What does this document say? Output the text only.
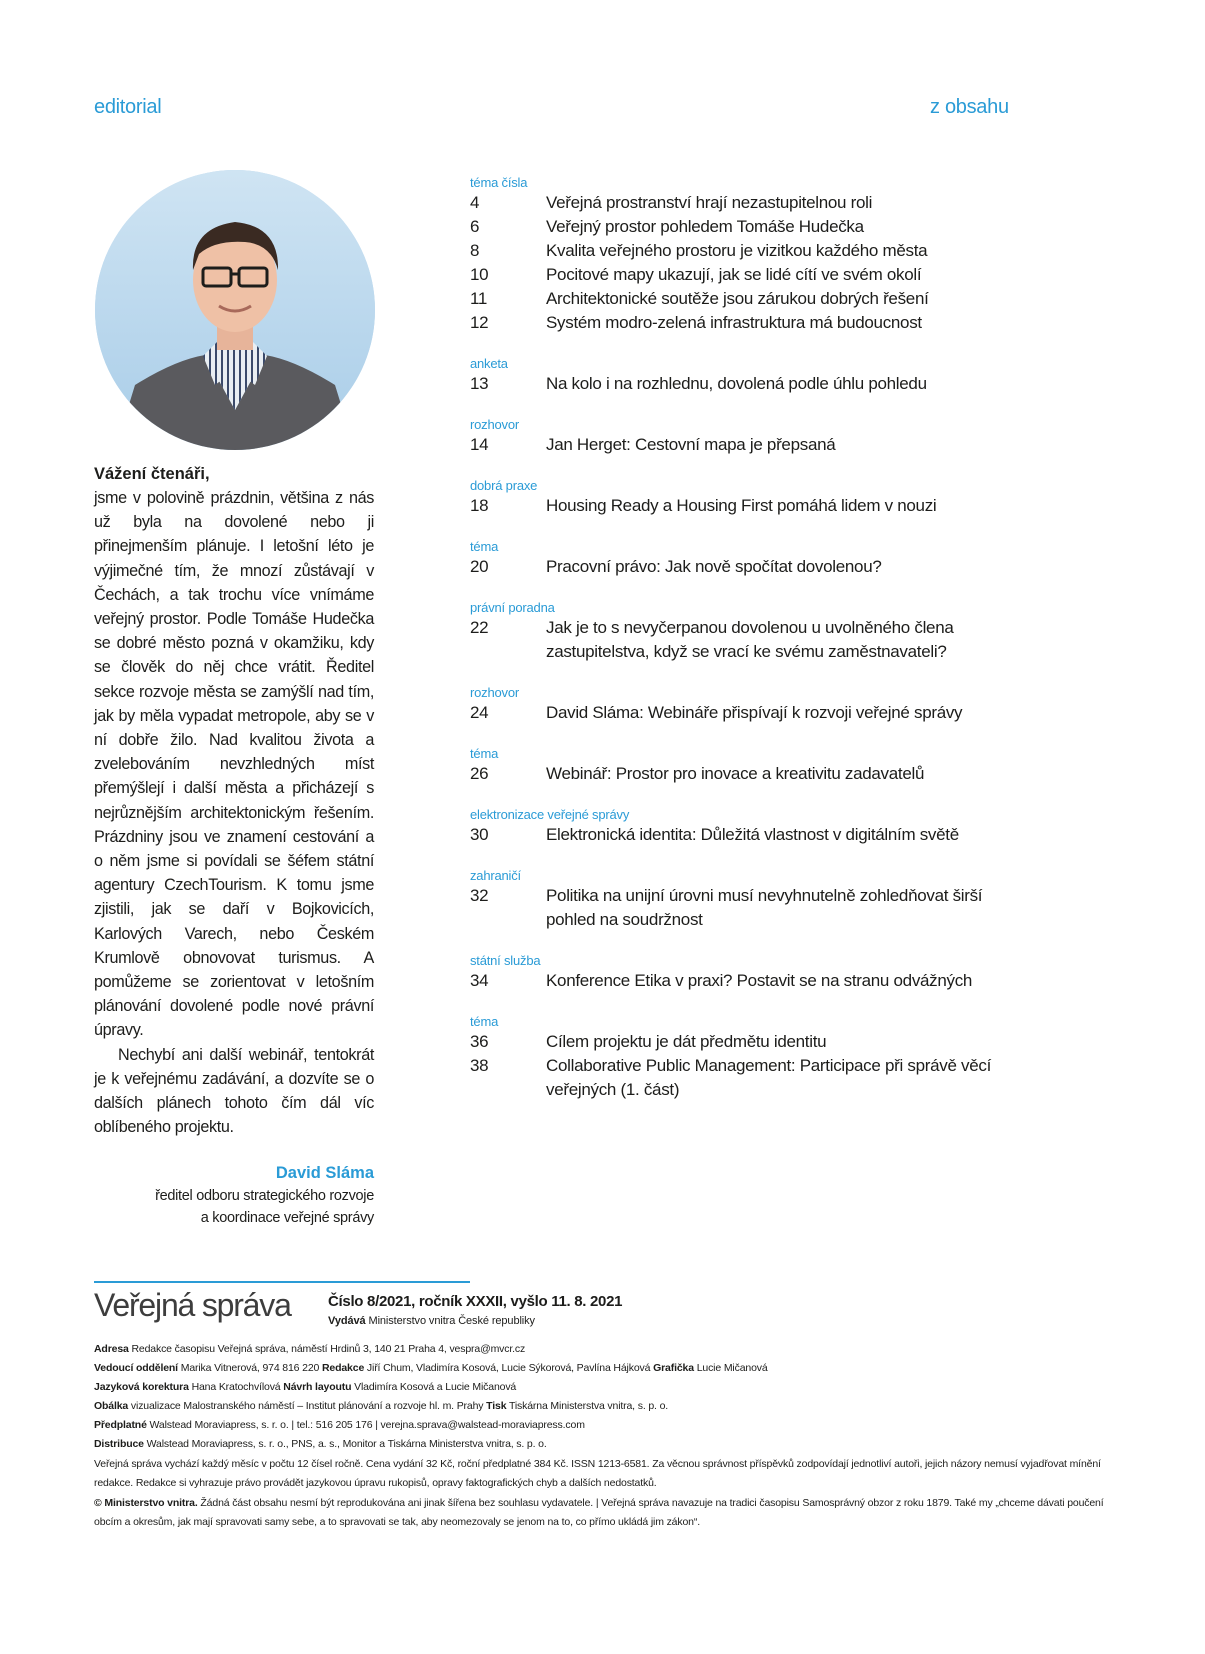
editorial	z obsahu

Vážení čtenáři,

jsme v polovině prázdnin, většina z nás už byla na dovolené nebo ji přinejmenším plánuje. I letošní léto je výjimečné tím, že mnozí zůstávají v Čechách, a tak trochu více vnímáme veřejný prostor. Podle Tomáše Hudečka se dobré město pozná v okamžiku, kdy se člověk do něj chce vrátit. Ředitel sekce rozvoje města se zamýšlí nad tím, jak by měla vypadat metropole, aby se v ní dobře žilo. Nad kvalitou života a zvelebováním nevzhledných míst přemýšlejí i další města a přicházejí s nejrůznějším architektonickým řešením. Prázdniny jsou ve znamení cestování a o něm jsme si povídali se šéfem státní agentury CzechTourism. K tomu jsme zjistili, jak se daří v Bojkovicích, Karlových Varech, nebo Českém Krumlově obnovovat turismus. A pomůžeme se zorientovat v letošním plánování dovolené podle nové právní úpravy.

Nechybí ani další webinář, tentokrát je k veřejnému zadávání, a dozvíte se o dalších plánech tohoto čím dál víc oblíbeného projektu.

David Sláma
ředitel odboru strategického rozvoje
a koordinace veřejné správy
téma čísla
4	Veřejná prostranství hrají nezastupitelnou roli
6	Veřejný prostor pohledem Tomáše Hudečka
8	Kvalita veřejného prostoru je vizitkou každého města
10	Pocitové mapy ukazují, jak se lidé cítí ve svém okolí
11	Architektonické soutěže jsou zárukou dobrých řešení
12	Systém modro-zelená infrastruktura má budoucnost
anketa
13	Na kolo i na rozhlednu, dovolená podle úhlu pohledu
rozhovor
14	Jan Herget: Cestovní mapa je přepsaná
dobrá praxe
18	Housing Ready a Housing First pomáhá lidem v nouzi
téma
20	Pracovní právo: Jak nově spočítat dovolenou?
právní poradna
22	Jak je to s nevyčerpanou dovolenou u uvolněného člena zastupitelstva, když se vrací ke svému zaměstnavateli?
rozhovor
24	David Sláma: Webináře přispívají k rozvoji veřejné správy
téma
26	Webinář: Prostor pro inovace a kreativitu zadavatelů
elektronizace veřejné správy
30	Elektronická identita: Důležitá vlastnost v digitálním světě
zahraničí
32	Politika na unijní úrovni musí nevyhnutelně zohledňovat širší pohled na soudržnost
státní služba
34	Konference Etika v praxi? Postavit se na stranu odvážných
téma
36	Cílem projektu je dát předmětu identitu
38	Collaborative Public Management: Participace při správě věcí veřejných (1. část)
Veřejná správa Číslo 8/2021, ročník XXXII, vyšlo 11. 8. 2021
Vydává Ministerstvo vnitra České republiky
Adresa Redakce časopisu Veřejná správa, náměstí Hrdinů 3, 140 21 Praha 4, vespra@mvcr.cz
Vedoucí oddělení Marika Vitnerová, 974 816 220 Redakce Jiří Chum, Vladimíra Kosová, Lucie Sýkorová, Pavlína Hájková Grafička Lucie Mičanová
Jazyková korektura Hana Kratochvílová Návrh layoutu Vladimíra Kosová a Lucie Mičanová
Obálka vizualizace Malostranského náměstí – Institut plánování a rozvoje hl. m. Prahy Tisk Tiskárna Ministerstva vnitra, s. p. o.
Předplatné Walstead Moraviapress, s. r. o. | tel.: 516 205 176 | verejna.sprava@walstead-moraviapress.com
Distribuce Walstead Moraviapress, s. r. o., PNS, a. s., Monitor a Tiskárna Ministerstva vnitra, s. p. o.
Veřejná správa vychází každý měsíc v počtu 12 čísel ročně. Cena vydání 32 Kč, roční předplatné 384 Kč. ISSN 1213-6581. Za věcnou správnost příspěvků zodpovídají jednotliví autoři, jejich názory nemusí vyjadřovat mínění redakce. Redakce si vyhrazuje právo provádět jazykovou úpravu rukopisů, opravy faktografických chyb a dalších nedostatků.
© Ministerstvo vnitra. Žádná část obsahu nesmí být reprodukována ani jinak šířena bez souhlasu vydavatele. | Veřejná správa navazuje na tradici časopisu Samosprávný obzor z roku 1879. Také my „chceme dávati poučení obcím a okresům, jak mají spravovati samy sebe, a to spravovati se tak, aby neomezovaly se jenom na to, co přímo ukládá jim zákon“.
